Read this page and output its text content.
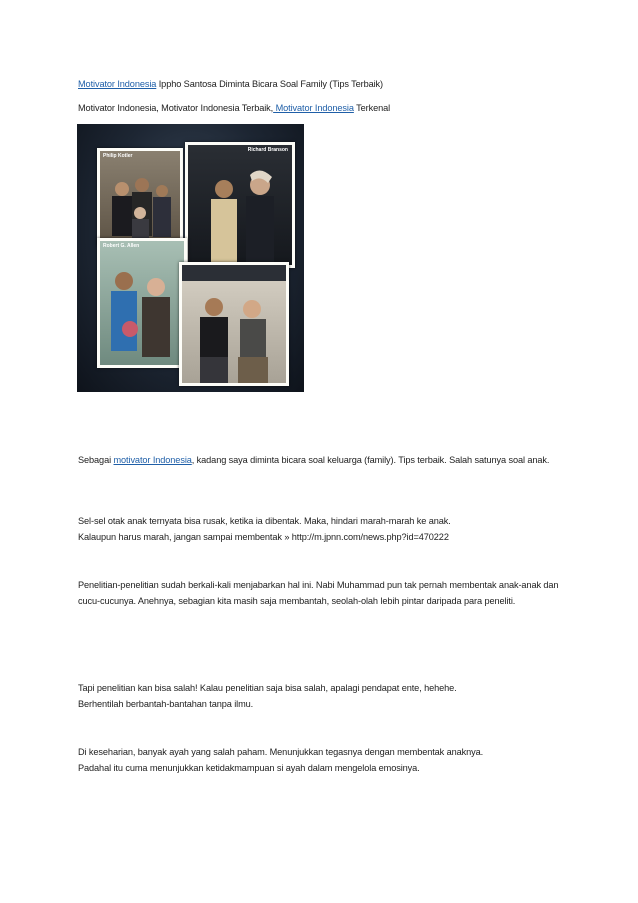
Motivator Indonesia Ippho Santosa Diminta Bicara Soal Family (Tips Terbaik)
Motivator Indonesia, Motivator Indonesia Terbaik, Motivator Indonesia Terkenal
Philip Kotler
Richard Branson
Robert G. Allen
Sebagai motivator Indonesia, kadang saya diminta bicara soal keluarga (family). Tips terbaik. Salah satunya soal anak.
Sel-sel otak anak ternyata bisa rusak, ketika ia dibentak. Maka, hindari marah-marah ke anak.
Kalaupun harus marah, jangan sampai membentak » http://m.jpnn.com/news.php?id=470222
Penelitian-penelitian sudah berkali-kali menjabarkan hal ini. Nabi Muhammad pun tak pernah membentak anak-anak dan cucu-cucunya. Anehnya, sebagian kita masih saja membantah, seolah-olah lebih pintar daripada para peneliti.
Tapi penelitian kan bisa salah! Kalau penelitian saja bisa salah, apalagi pendapat ente, hehehe.
Berhentilah berbantah-bantahan tanpa ilmu.
Di keseharian, banyak ayah yang salah paham. Menunjukkan tegasnya dengan membentak anaknya.
Padahal itu cuma menunjukkan ketidakmampuan si ayah dalam mengelola emosinya.
